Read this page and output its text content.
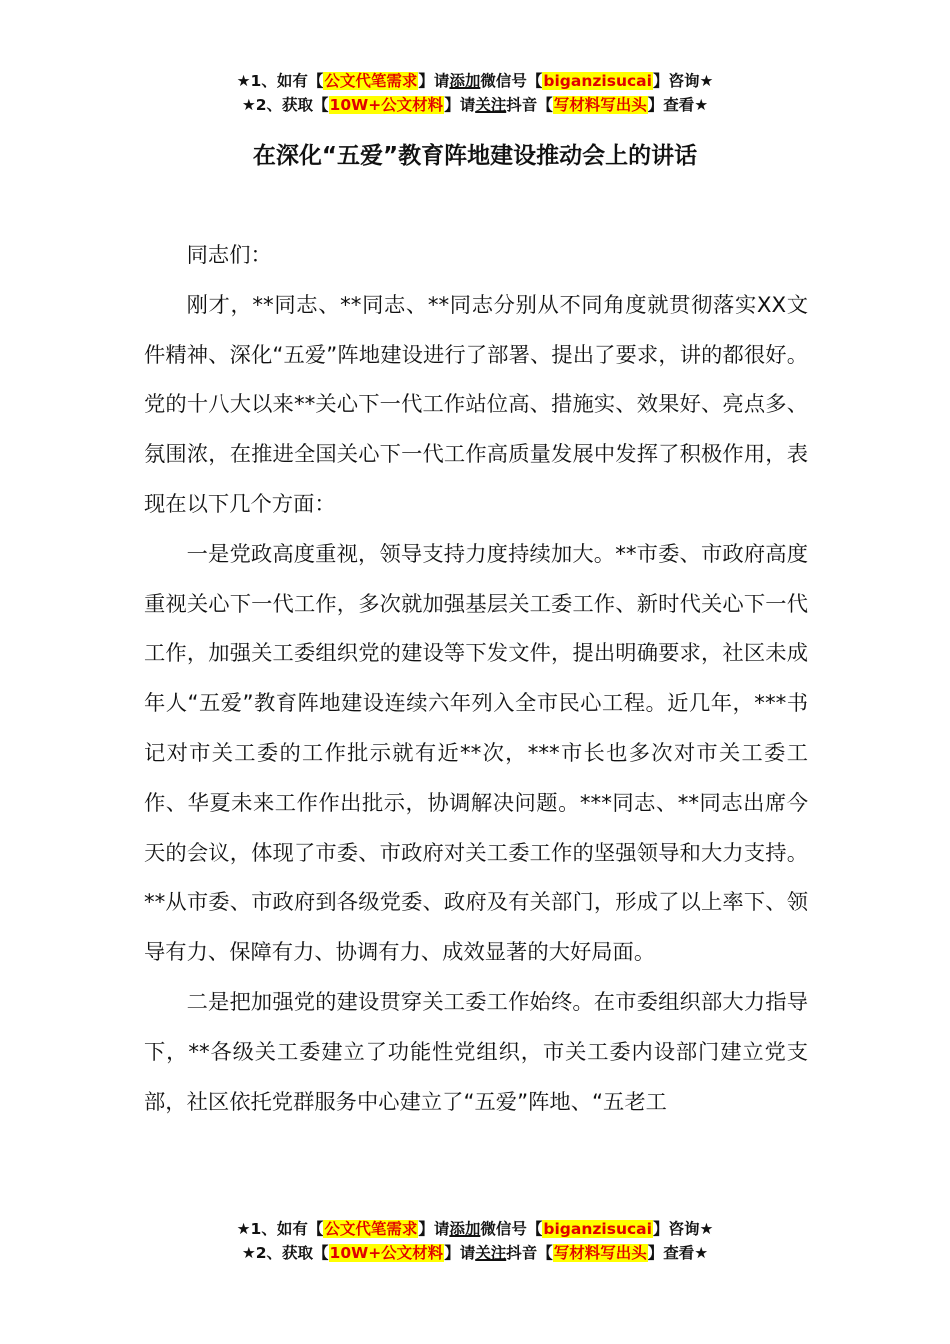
★1、如有【公文代笔需求】请添加微信号【biganzisucai】咨询★
★2、获取【10W+公文材料】请关注抖音【写材料写出头】查看★
在深化“五爱”教育阵地建设推动会上的讲话

同志们：

刚才，**同志、**同志、**同志分别从不同角度就贯彻落实XX文件精神、深化“五爱”阵地建设进行了部署、提出了要求，讲的都很好。党的十八大以来**关心下一代工作站位高、措施实、效果好、亮点多、氛围浓，在推进全国关心下一代工作高质量发展中发挥了积极作用，表现在以下几个方面：

一是党政高度重视，领导支持力度持续加大。**市委、市政府高度重视关心下一代工作，多次就加强基层关工委工作、新时代关心下一代工作，加强关工委组织党的建设等下发文件，提出明确要求，社区未成年人“五爱”教育阵地建设连续六年列入全市民心工程。近几年，***书记对市关工委的工作批示就有近**次，***市长也多次对市关工委工作、华夏未来工作作出批示，协调解决问题。***同志、**同志出席今天的会议，体现了市委、市政府对关工委工作的坚强领导和大力支持。**从市委、市政府到各级党委、政府及有关部门，形成了以上率下、领导有力、保障有力、协调有力、成效显著的大好局面。

二是把加强党的建设贯穿关工委工作始终。在市委组织部大力指导下，**各级关工委建立了功能性党组织，市关工委内设部门建立党支部，社区依托党群服务中心建立了“五爱”阵地、“五老工

★1、如有【公文代笔需求】请添加微信号【biganzisucai】咨询★
★2、获取【10W+公文材料】请关注抖音【写材料写出头】查看★
